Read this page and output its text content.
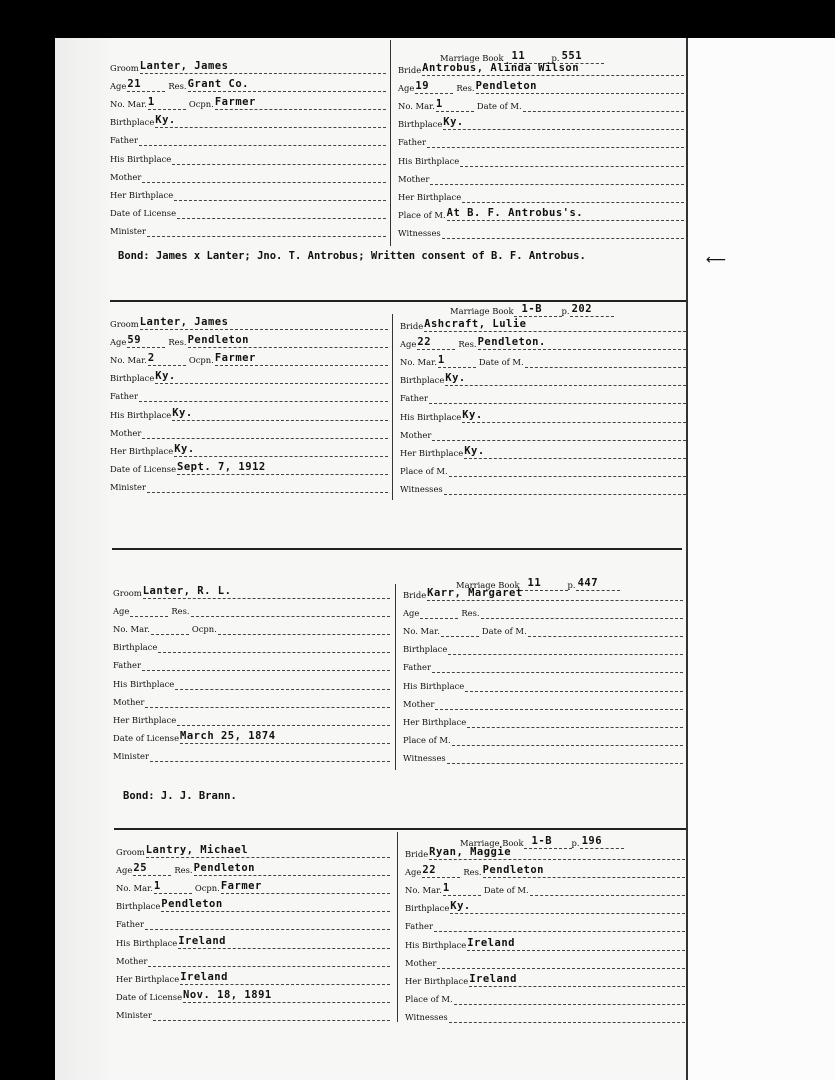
⟵
Groom Lanter, James
Age 21	Res. Grant Co.
No. Mar. 1	Ocpn. Farmer
Birthplace Ky.
Father
His Birthplace
Mother
Her Birthplace
Date of License
Minister
Marriage Book 11	p. 551
Bride Antrobus, Alinda Wilson
Age 19	Res. Pendleton
No. Mar. 1	Date of M.
Birthplace Ky.
Father
His Birthplace
Mother
Her Birthplace
Place of M. At B. F. Antrobus's.
Witnesses
Bond: James x Lanter; Jno. T. Antrobus; Written consent of B. F. Antrobus.
Groom Lanter, James
Age 59	Res. Pendleton
No. Mar. 2	Ocpn. Farmer
Birthplace Ky.
Father
His Birthplace Ky.
Mother
Her Birthplace Ky.
Date of License Sept. 7, 1912
Minister
Marriage Book 1-B p. 202
Bride Ashcraft, Lulie
Age 22	Res. Pendleton.
No. Mar. 1	Date of M.
Birthplace Ky.
Father
His Birthplace Ky.
Mother
Her Birthplace Ky.
Place of M.
Witnesses
Groom Lanter, R. L.
Age	Res.
No. Mar.	Ocpn.
Birthplace
Father
His Birthplace
Mother
Her Birthplace
Date of License March 25, 1874
Minister
Marriage Book 11	p. 447
Bride Karr, Margaret
Age	Res.
No. Mar.	Date of M.
Birthplace
Father
His Birthplace
Mother
Her Birthplace
Place of M.
Witnesses
Bond: J. J. Brann.
Groom Lantry, Michael
Age 25	Res. Pendleton
No. Mar. 1	Ocpn. Farmer
Birthplace Pendleton
Father
His Birthplace Ireland
Mother
Her Birthplace Ireland
Date of License Nov. 18, 1891
Minister
Marriage Book 1-B p. 196
Bride Ryan, Maggie
Age 22	Res. Pendleton
No. Mar. 1	Date of M.
Birthplace Ky.
Father
His Birthplace Ireland
Mother
Her Birthplace Ireland
Place of M.
Witnesses
